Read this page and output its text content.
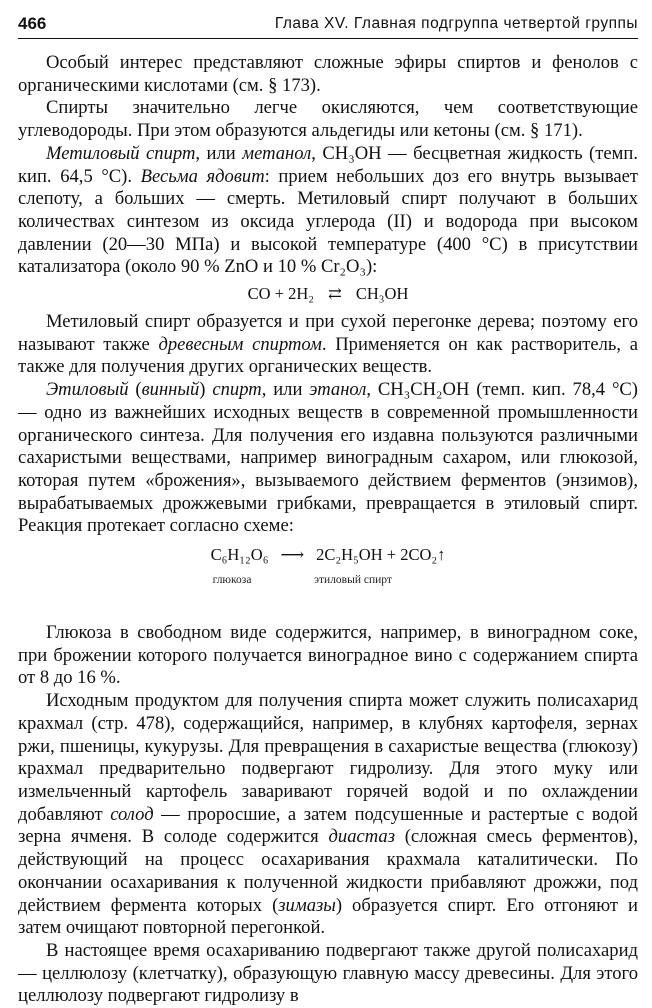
466	Глава XV. Главная подгруппа четвертой группы

Особый интерес представляют сложные эфиры спиртов и фенолов с органическими кислотами (см. § 173).

Спирты значительно легче окисляются, чем соответствующие углеводороды. При этом образуются альдегиды или кетоны (см. § 171).

Метиловый спирт, или метанол, CH₃OH — бесцветная жидкость (темп. кип. 64,5 °С). Весьма ядовит: прием небольших доз его внутрь вызывает слепоту, а больших — смерть. Метиловый спирт получают в больших количествах синтезом из оксида углерода (II) и водорода при высоком давлении (20—30 МПа) и высокой температуре (400 °С) в присутствии катализатора (около 90 % ZnO и 10 % Cr₂O₃):

CO + 2H₂ ⇄ CH₃OH

Метиловый спирт образуется и при сухой перегонке дерева; поэтому его называют также древесным спиртом. Применяется он как растворитель, а также для получения других органических веществ.

Этиловый (винный) спирт, или этанол, CH₃CH₂OH (темп. кип. 78,4 °С) — одно из важнейших исходных веществ в современной промышленности органического синтеза. Для получения его издавна пользуются различными сахаристыми веществами, например виноградным сахаром, или глюкозой, которая путем «брожения», вызываемого действием ферментов (энзимов), вырабатываемых дрожжевыми грибками, превращается в этиловый спирт. Реакция протекает согласно схеме:

C₆H₁₂O₆ ⟶ 2C₂H₅OH + 2CO₂↑
глюкоза	этиловый спирт

Глюкоза в свободном виде содержится, например, в виноградном соке, при брожении которого получается виноградное вино с содержанием спирта от 8 до 16 %.

Исходным продуктом для получения спирта может служить полисахарид крахмал (стр. 478), содержащийся, например, в клубнях картофеля, зернах ржи, пшеницы, кукурузы. Для превращения в сахаристые вещества (глюкозу) крахмал предварительно подвергают гидролизу. Для этого муку или измельченный картофель заваривают горячей водой и по охлаждении добавляют солод — проросшие, а затем подсушенные и растертые с водой зерна ячменя. В солоде содержится диастаз (сложная смесь ферментов), действующий на процесс осахаривания крахмала каталитически. По окончании осахаривания к полученной жидкости прибавляют дрожжи, под действием фермента которых (зимазы) образуется спирт. Его отгоняют и затем очищают повторной перегонкой.

В настоящее время осахариванию подвергают также другой полисахарид — целлюлозу (клетчатку), образующую главную массу древесины. Для этого целлюлозу подвергают гидролизу в
